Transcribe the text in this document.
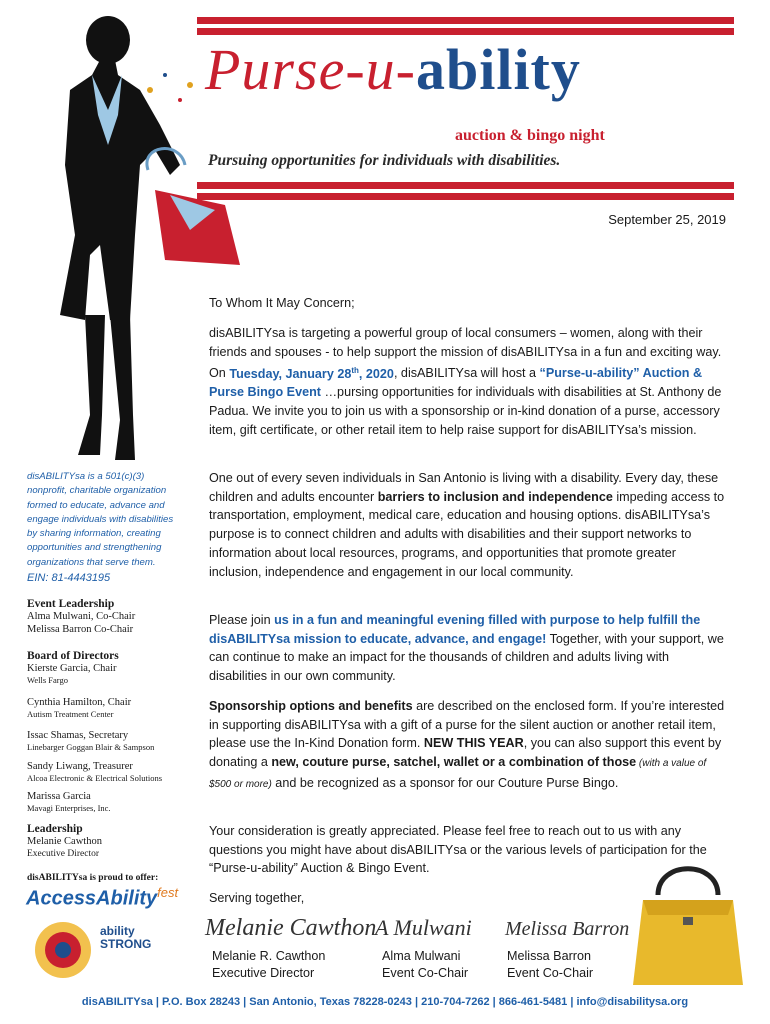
Purse-u-ability
auction & bingo night
Pursuing opportunities for individuals with disabilities.
September 25, 2019

To Whom It May Concern;

disABILITYsa is targeting a powerful group of local consumers – women, along with their friends and spouses - to help support the mission of disABILITYsa in a fun and exciting way. On Tuesday, January 28th, 2020, disABILITYsa will host a “Purse-u-ability” Auction & Purse Bingo Event …pursing opportunities for individuals with disabilities at St. Anthony de Padua. We invite you to join us with a sponsorship or in-kind donation of a purse, accessory item, gift certificate, or other retail item to help raise support for disABILITYsa’s mission.

One out of every seven individuals in San Antonio is living with a disability. Every day, these children and adults encounter barriers to inclusion and independence impeding access to transportation, employment, medical care, education and housing options. disABILITYsa’s purpose is to connect children and adults with disabilities and their support networks to information about local resources, programs, and opportunities that promote greater inclusion, independence and engagement in our local community.

Please join us in a fun and meaningful evening filled with purpose to help fulfill the disABILITYsa mission to educate, advance, and engage! Together, with your support, we can continue to make an impact for the thousands of children and adults living with disabilities in our own community.

Sponsorship options and benefits are described on the enclosed form. If you’re interested in supporting disABILITYsa with a gift of a purse for the silent auction or another retail item, please use the In-Kind Donation form. NEW THIS YEAR, you can also support this event by donating a new, couture purse, satchel, wallet or a combination of those (with a value of $500 or more) and be recognized as a sponsor for our Couture Purse Bingo.

Your consideration is greatly appreciated. Please feel free to reach out to us with any questions you might have about disABILITYsa or the various levels of participation for the “Purse-u-ability” Auction & Bingo Event.

Serving together,

Melanie Cawthon
A Mulwani Melissa Barron
Melanie R. Cawthon
Executive Director
Alma Mulwani
Event Co-Chair
Melissa Barron
Event Co-Chair
disABILITYsa is a 501(c)(3) nonprofit, charitable organization formed to educate, advance and engage individuals with disabilities by sharing information, creating opportunities and strengthening organizations that serve them.
EIN: 81-4443195
Event Leadership
Alma Mulwani, Co-Chair
Melissa Barron Co-Chair
Board of Directors
Kierste Garcia, Chair
Wells Fargo
Cynthia Hamilton, Chair
Autism Treatment Center
Issac Shamas, Secretary
Linebarger Goggan Blair & Sampson
Sandy Liwang, Treasurer
Alcoa Electronic & Electrical Solutions
Marissa Garcia
Mavagi Enterprises, Inc.
Leadership
Melanie Cawthon
Executive Director
disABILITYsa is proud to offer:
AccessAbility$^{fest}$
ability STRONG
disABILITYsa | P.O. Box 28243 | San Antonio, Texas 78228-0243 | 210-704-7262 | 866-461-5481 | info@disabilitysa.org
